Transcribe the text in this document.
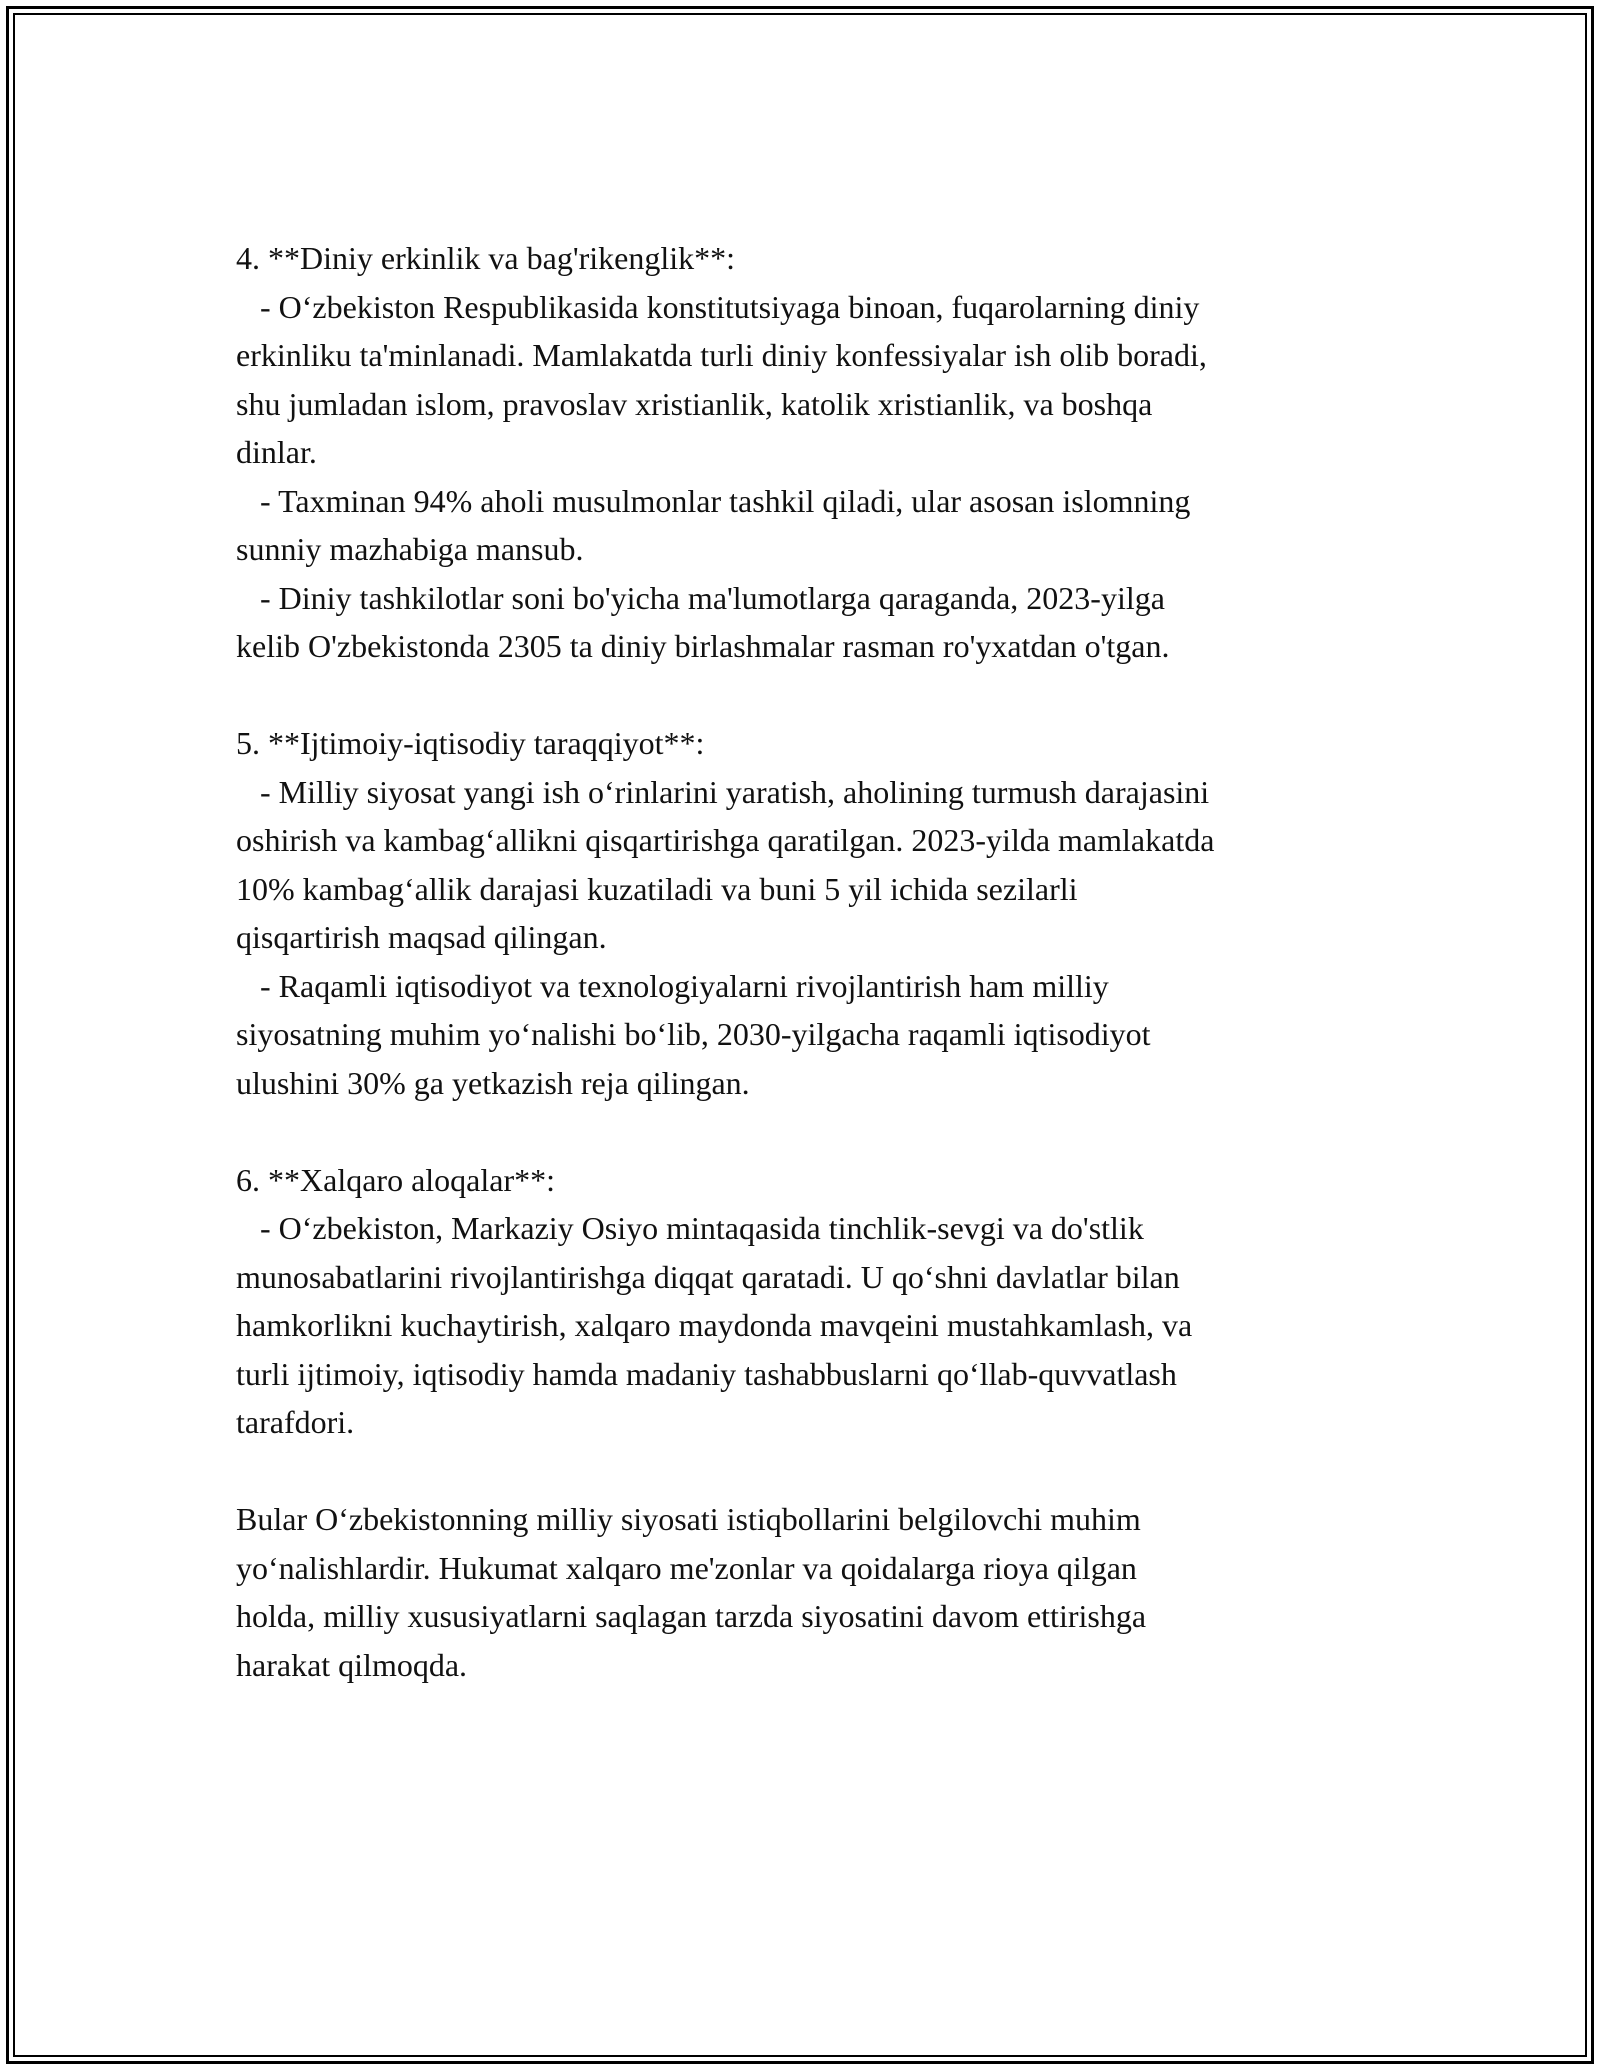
4. **Diniy erkinlik va bag'rikenglik**:
- O‘zbekiston Respublikasida konstitutsiyaga binoan, fuqarolarning diniy
erkinliku ta'minlanadi. Mamlakatda turli diniy konfessiyalar ish olib boradi,
shu jumladan islom, pravoslav xristianlik, katolik xristianlik, va boshqa
dinlar.
- Taxminan 94% aholi musulmonlar tashkil qiladi, ular asosan islomning
sunniy mazhabiga mansub.
- Diniy tashkilotlar soni bo'yicha ma'lumotlarga qaraganda, 2023-yilga
kelib O'zbekistonda 2305 ta diniy birlashmalar rasman ro'yxatdan o'tgan.
5. **Ijtimoiy-iqtisodiy taraqqiyot**:
- Milliy siyosat yangi ish o‘rinlarini yaratish, aholining turmush darajasini
oshirish va kambag‘allikni qisqartirishga qaratilgan. 2023-yilda mamlakatda
10% kambag‘allik darajasi kuzatiladi va buni 5 yil ichida sezilarli
qisqartirish maqsad qilingan.
- Raqamli iqtisodiyot va texnologiyalarni rivojlantirish ham milliy
siyosatning muhim yo‘nalishi bo‘lib, 2030-yilgacha raqamli iqtisodiyot
ulushini 30% ga yetkazish reja qilingan.
6. **Xalqaro aloqalar**:
- O‘zbekiston, Markaziy Osiyo mintaqasida tinchlik-sevgi va do'stlik
munosabatlarini rivojlantirishga diqqat qaratadi. U qo‘shni davlatlar bilan
hamkorlikni kuchaytirish, xalqaro maydonda mavqeini mustahkamlash, va
turli ijtimoiy, iqtisodiy hamda madaniy tashabbuslarni qo‘llab-quvvatlash
tarafdori.
Bular O‘zbekistonning milliy siyosati istiqbollarini belgilovchi muhim
yo‘nalishlardir. Hukumat xalqaro me'zonlar va qoidalarga rioya qilgan
holda, milliy xususiyatlarni saqlagan tarzda siyosatini davom ettirishga
harakat qilmoqda.
